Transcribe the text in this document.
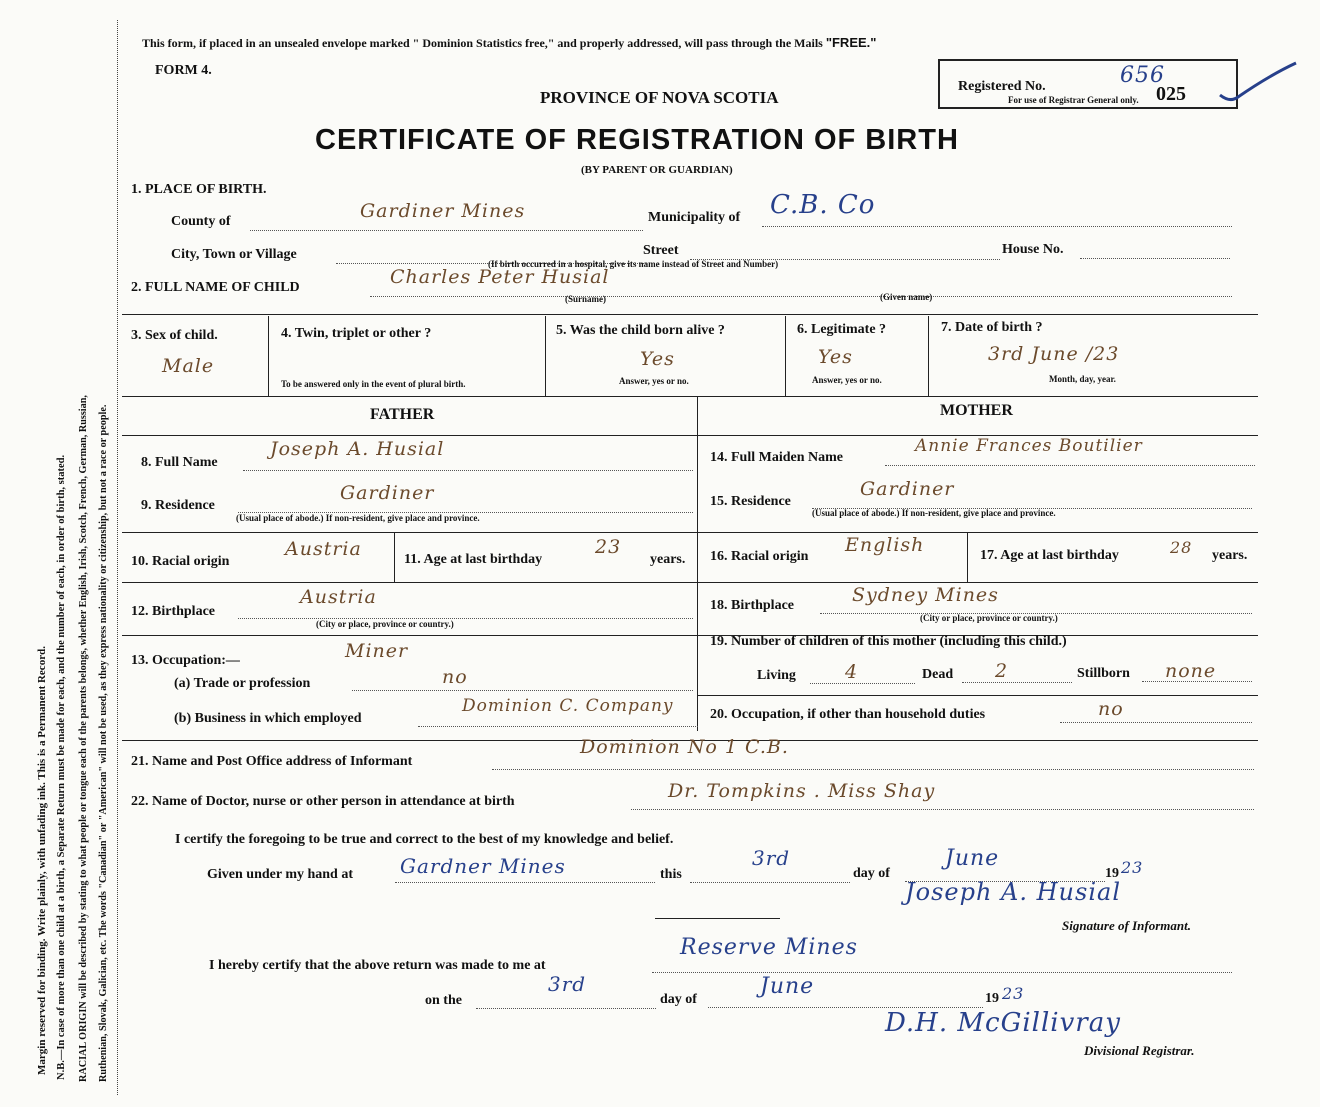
Margin reserved for binding. Write plainly, with unfading ink. This is a Permanent Record. N.B.—In case of more than one child at a birth, a Separate Return must be made for each, and the number of each, in order of birth, stated. RACIAL ORIGIN will be described by stating to what people or tongue each of the parents belongs, whether English, Irish, Scotch, French, German, Russian, Ruthenian, Slovak, Galician, etc. The words "Canadian" or "American" will not be used, as they express nationality or citizenship, but not a race or people.
This form, if placed in an unsealed envelope marked " Dominion Statistics free," and properly addressed, will pass through the Mails "FREE."
FORM 4.
PROVINCE OF NOVA SCOTIA
Registered No.	656
For use of Registrar General only. 025
CERTIFICATE OF REGISTRATION OF BIRTH
(BY PARENT OR GUARDIAN)
1. PLACE OF BIRTH.
County of	Gardiner Mines	Municipality of C.B. Co
City, Town or Village	Street	House No.
(If birth occurred in a hospital, give its name instead of Street and Number)
2. FULL NAME OF CHILD	Charles Peter Husial
(Surname)	(Given name)
3. Sex of child.
Male
4. Twin, triplet or other ?
To be answered only in the event of plural birth.
5. Was the child born alive ?
Yes
Answer, yes or no.
6. Legitimate ?
Yes
Answer, yes or no.
7. Date of birth ?
3rd June /23
Month, day, year.
FATHER	MOTHER
8. Full Name
Joseph A. Husial
9. Residence
Gardiner
(Usual place of abode.) If non-resident, give place and province.
10. Racial origin
Austria	11. Age at last birthday
23
years.
12. Birthplace
Austria
(City or place, province or country.)
13. Occupation:—	Miner
(a) Trade or profession	no
(b) Business in which employed
Dominion C. Company
14. Full Maiden Name
Annie Frances Boutilier
15. Residence
Gardiner
(Usual place of abode.) If non-resident, give place and province.
16. Racial origin
English	17. Age at last birthday	28 years.
18. Birthplace	Sydney Mines
(City or place, province or country.)
19. Number of children of this mother (including this child.)
Living	4	Dead 2	Stillborn none
20. Occupation, if other than household duties	no
21. Name and Post Office address of Informant
Dominion No 1 C.B.
22. Name of Doctor, nurse or other person in attendance at birth	Dr. Tompkins . Miss Shay
I certify the foregoing to be true and correct to the best of my knowledge and belief.
Given under my hand at Gardner Mines	this
3rd
day of
June
19 23
Joseph A. Husial
Signature of Informant.
I hereby certify that the above return was made to me at
Reserve Mines
on the
3rd
day of
June	19 23
D.H. McGillivray
Divisional Registrar.
